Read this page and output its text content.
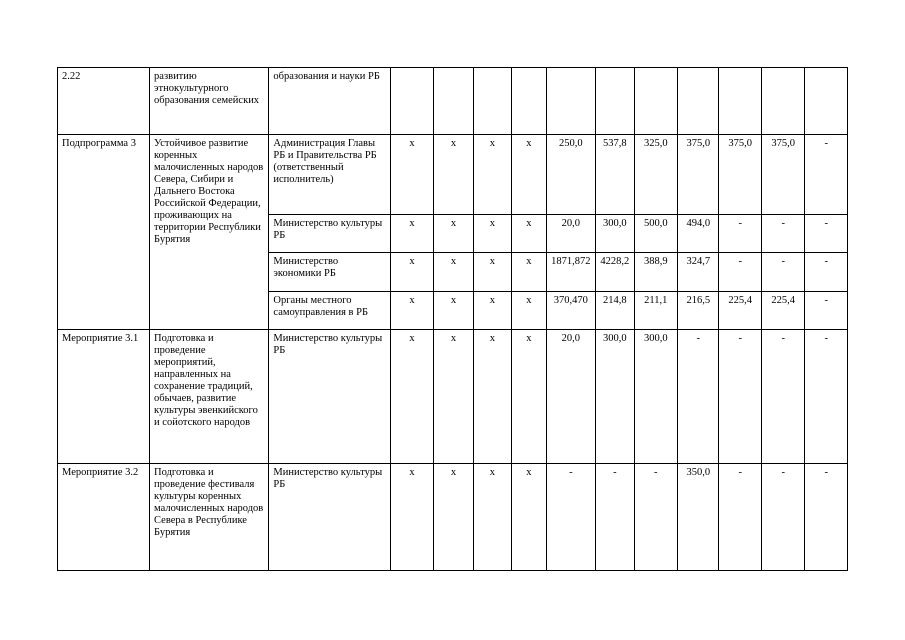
2.22	развитию этнокультурного образования семейских	образования и науки РБ											
Подпрограмма 3	Устойчивое развитие коренных малочисленных народов Севера, Сибири и Дальнего Востока Российской Федерации, проживающих на территории Республики Бурятия	Администрация Главы РБ и Правительства РБ (ответственный исполнитель)	х	х	х	х	250,0	537,8	325,0	375,0	375,0	375,0	-
		Министерство культуры РБ	х	х	х	х	20,0	300,0	500,0	494,0	-	-	-
		Министерство экономики РБ	х	х	х	х	1871,872	4228,2	388,9	324,7	-	-	-
		Органы местного самоуправления в РБ	х	х	х	х	370,470	214,8	211,1	216,5	225,4	225,4	-
Мероприятие 3.1	Подготовка и проведение мероприятий, направленных на сохранение традиций, обычаев, развитие культуры эвенкийского и сойотского народов	Министерство культуры РБ	х	х	х	х	20,0	300,0	300,0	-	-	-	-
Мероприятие 3.2	Подготовка и проведение фестиваля культуры коренных малочисленных народов Севера в Республике Бурятия	Министерство культуры РБ	х	х	х	х	-	-	-	350,0	-	-	-
